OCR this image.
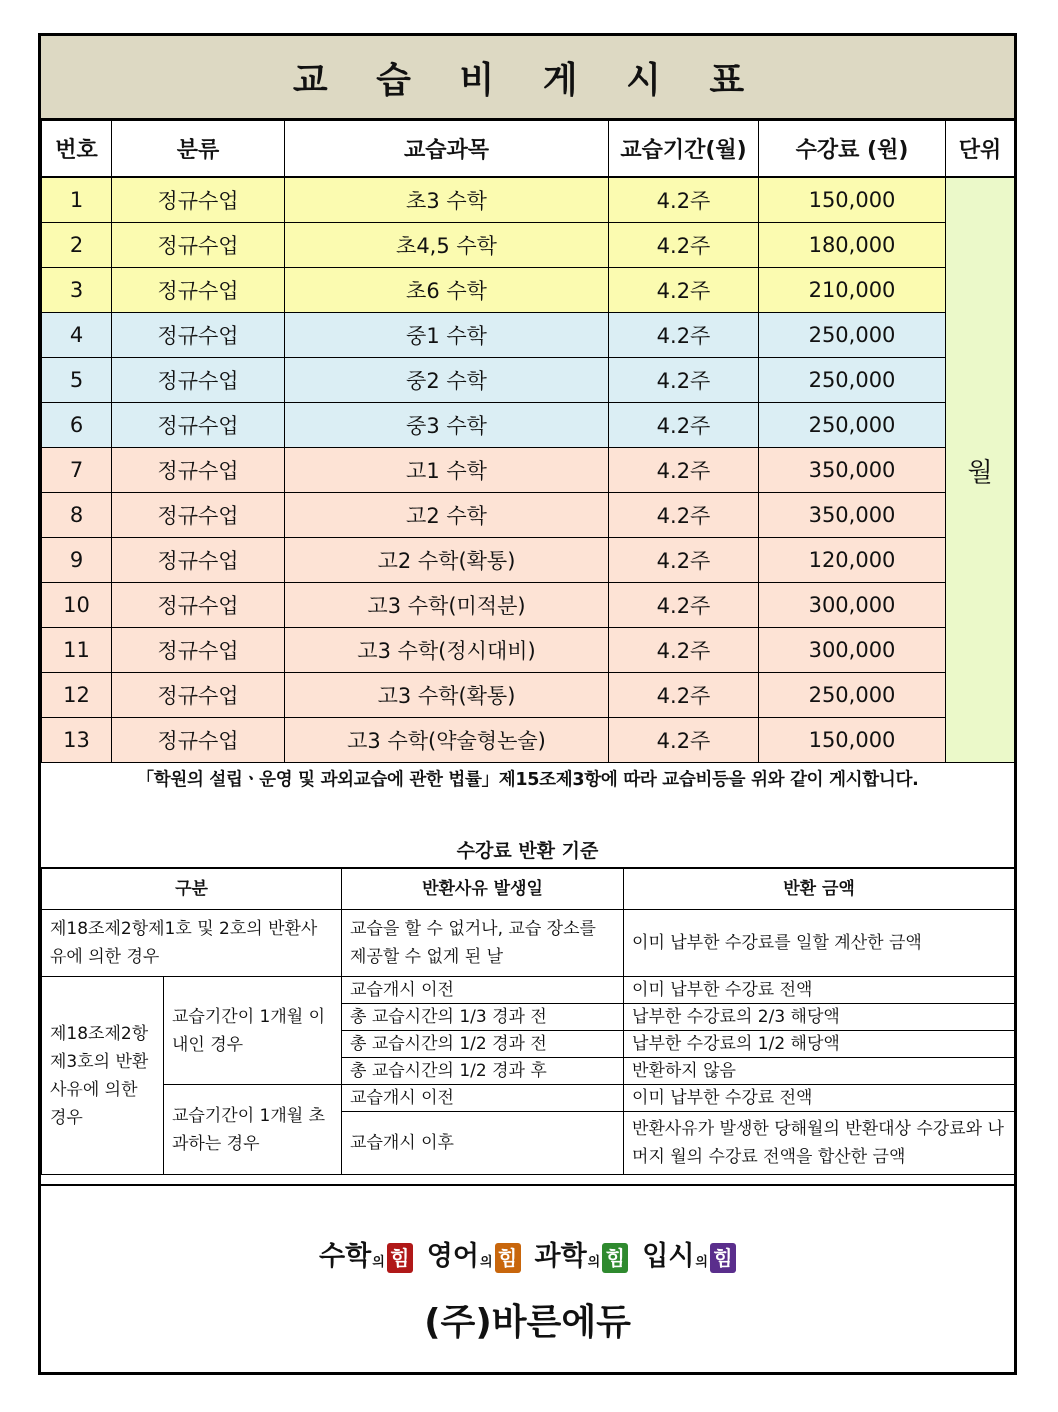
교 습 비 게 시 표
번호	분류	교습과목	교습기간(월)	수강료 (원)	단위
1	정규수업	초3 수학	4.2주	150,000	월
2	정규수업	초4,5 수학	4.2주	180,000	
3	정규수업	초6 수학	4.2주	210,000	
4	정규수업	중1 수학	4.2주	250,000	
5	정규수업	중2 수학	4.2주	250,000	
6	정규수업	중3 수학	4.2주	250,000	
7	정규수업	고1 수학	4.2주	350,000	
8	정규수업	고2 수학	4.2주	350,000	
9	정규수업	고2 수학(확통)	4.2주	120,000	
10	정규수업	고3 수학(미적분)	4.2주	300,000	
11	정규수업	고3 수학(정시대비)	4.2주	300,000	
12	정규수업	고3 수학(확통)	4.2주	250,000	
13	정규수업	고3 수학(약술형논술)	4.2주	150,000	
「학원의 설립ㆍ운영 및 과외교습에 관한 법률」제15조제3항에 따라 교습비등을 위와 같이 게시합니다.
수강료 반환 기준
구분		반환사유 발생일	반환 금액
제18조제2항제1호 및 2호의 반환사유에 의한 경우		교습을 할 수 없거나, 교습 장소를 제공할 수 없게 된 날	이미 납부한 수강료를 일할 계산한 금액
제18조제2항 제3호의 반환 사유에 의한 경우	교습기간이 1개월 이내인 경우	교습개시 이전	이미 납부한 수강료 전액
		총 교습시간의 1/3 경과 전	납부한 수강료의 2/3 해당액
		총 교습시간의 1/2 경과 전	납부한 수강료의 1/2 해당액
		총 교습시간의 1/2 경과 후	반환하지 않음
	교습기간이 1개월 초과하는 경우	교습개시 이전	이미 납부한 수강료 전액
		교습개시 이후	반환사유가 발생한 당해월의 반환대상 수강료와 나머지 월의 수강료 전액을 합산한 금액
수학 의 힘 영어 의 힘 과학 의 힘 입시 의 힘
(주)바른에듀
